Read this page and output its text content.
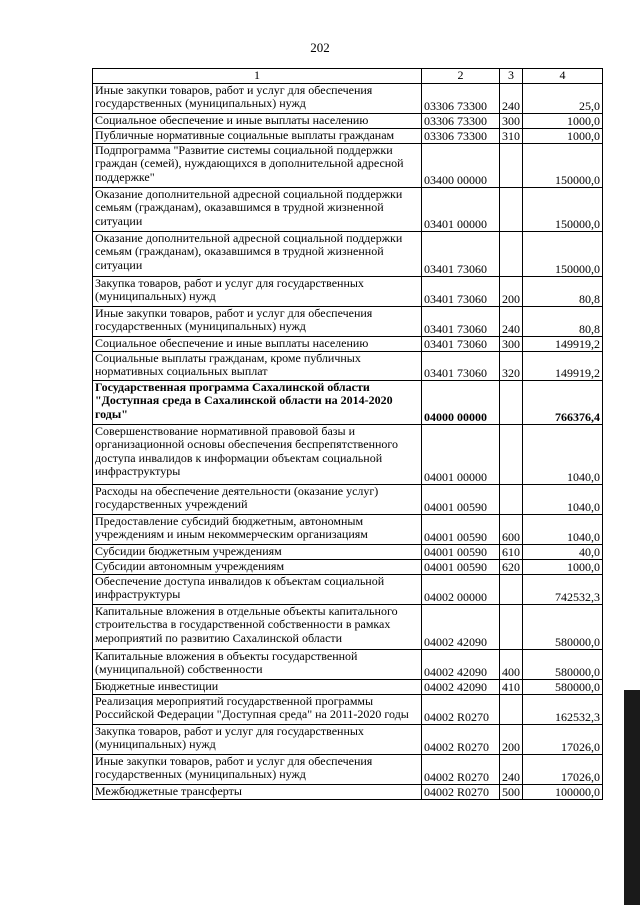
202
1	2	3	4
Иные закупки товаров, работ и услуг для обеспечения государственных (муниципальных) нужд	03306 73300	240	25,0
Социальное обеспечение и иные выплаты населению	03306 73300	300	1000,0
Публичные нормативные социальные выплаты гражданам	03306 73300	310	1000,0
Подпрограмма "Развитие системы социальной поддержки граждан (семей), нуждающихся в дополнительной адресной поддержке"	03400 00000		150000,0
Оказание дополнительной адресной социальной поддержки семьям (гражданам), оказавшимся в трудной жизненной ситуации	03401 00000		150000,0
Оказание дополнительной адресной социальной поддержки семьям (гражданам), оказавшимся в трудной жизненной ситуации	03401 73060		150000,0
Закупка товаров, работ и услуг для государственных (муниципальных) нужд	03401 73060	200	80,8
Иные закупки товаров, работ и услуг для обеспечения государственных (муниципальных) нужд	03401 73060	240	80,8
Социальное обеспечение и иные выплаты населению	03401 73060	300	149919,2
Социальные выплаты гражданам, кроме публичных нормативных социальных выплат	03401 73060	320	149919,2
Государственная программа Сахалинской области "Доступная среда в Сахалинской области на 2014-2020 годы"	04000 00000		766376,4
Совершенствование нормативной правовой базы и организационной основы обеспечения беспрепятственного доступа инвалидов к информации объектам социальной инфраструктуры	04001 00000		1040,0
Расходы на обеспечение деятельности (оказание услуг) государственных учреждений	04001 00590		1040,0
Предоставление субсидий бюджетным, автономным учреждениям и иным некоммерческим организациям	04001 00590	600	1040,0
Субсидии бюджетным учреждениям	04001 00590	610	40,0
Субсидии автономным учреждениям	04001 00590	620	1000,0
Обеспечение доступа инвалидов к объектам социальной инфраструктуры	04002 00000		742532,3
Капитальные вложения в отдельные объекты капитального строительства в государственной собственности в рамках мероприятий по развитию Сахалинской области	04002 42090		580000,0
Капитальные вложения в объекты государственной (муниципальной) собственности	04002 42090	400	580000,0
Бюджетные инвестиции	04002 42090	410	580000,0
Реализация мероприятий государственной программы Российской Федерации "Доступная среда" на 2011-2020 годы	04002 R0270		162532,3
Закупка товаров, работ и услуг для государственных (муниципальных) нужд	04002 R0270	200	17026,0
Иные закупки товаров, работ и услуг для обеспечения государственных (муниципальных) нужд	04002 R0270	240	17026,0
Межбюджетные трансферты	04002 R0270	500	100000,0
